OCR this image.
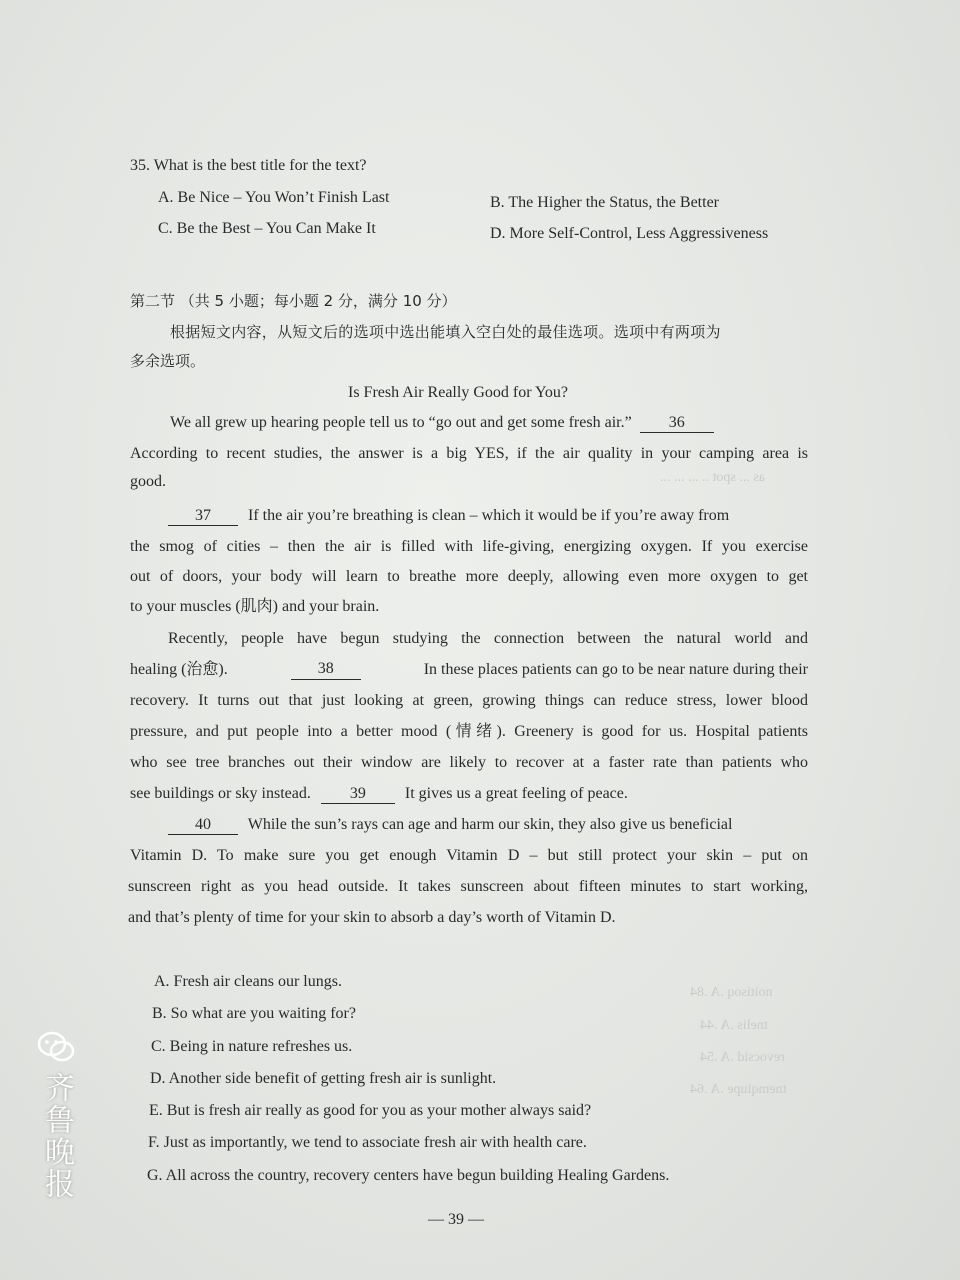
as ... spot .. ... ... ...
noitisoq .A .84
tnelis .A .44
revocsid .A .54
tnemqiupe .A .64
35. What is the best title for the text?
A. Be Nice – You Won’t Finish Last	B. The Higher the Status, the Better
C. Be the Best – You Can Make It	D. More Self-Control, Less Aggressiveness
第二节 （共 5 小题；每小题 2 分，满分 10 分）
根据短文内容，从短文后的选项中选出能填入空白处的最佳选项。选项中有两项为
多余选项。
Is Fresh Air Really Good for You?
We all grew up hearing people tell us to “go out and get some fresh air.” 36
According to recent studies, the answer is a big YES, if the air quality in your camping area is
good.
37 If the air you’re breathing is clean – which it would be if you’re away from
the smog of cities – then the air is filled with life-giving, energizing oxygen. If you exercise
out of doors, your body will learn to breathe more deeply, allowing even more oxygen to get
to your muscles (肌肉) and your brain.
Recently, people have begun studying the connection between the natural world and
healing (治愈).	38	In these places patients can go to be near nature during their
recovery. It turns out that just looking at green, growing things can reduce stress, lower blood
pressure, and put people into a better mood (情绪). Greenery is good for us. Hospital patients
who see tree branches out their window are likely to recover at a faster rate than patients who
see buildings or sky instead. 39 It gives us a great feeling of peace.
40 While the sun’s rays can age and harm our skin, they also give us beneficial
Vitamin D. To make sure you get enough Vitamin D – but still protect your skin – put on
sunscreen right as you head outside. It takes sunscreen about fifteen minutes to start working,
and that’s plenty of time for your skin to absorb a day’s worth of Vitamin D.
A. Fresh air cleans our lungs.
B. So what are you waiting for?
C. Being in nature refreshes us.
D. Another side benefit of getting fresh air is sunlight.
E. But is fresh air really as good for you as your mother always said?
F. Just as importantly, we tend to associate fresh air with health care.
G. All across the country, recovery centers have begun building Healing Gardens.
— 39 —
齐鲁晚报
